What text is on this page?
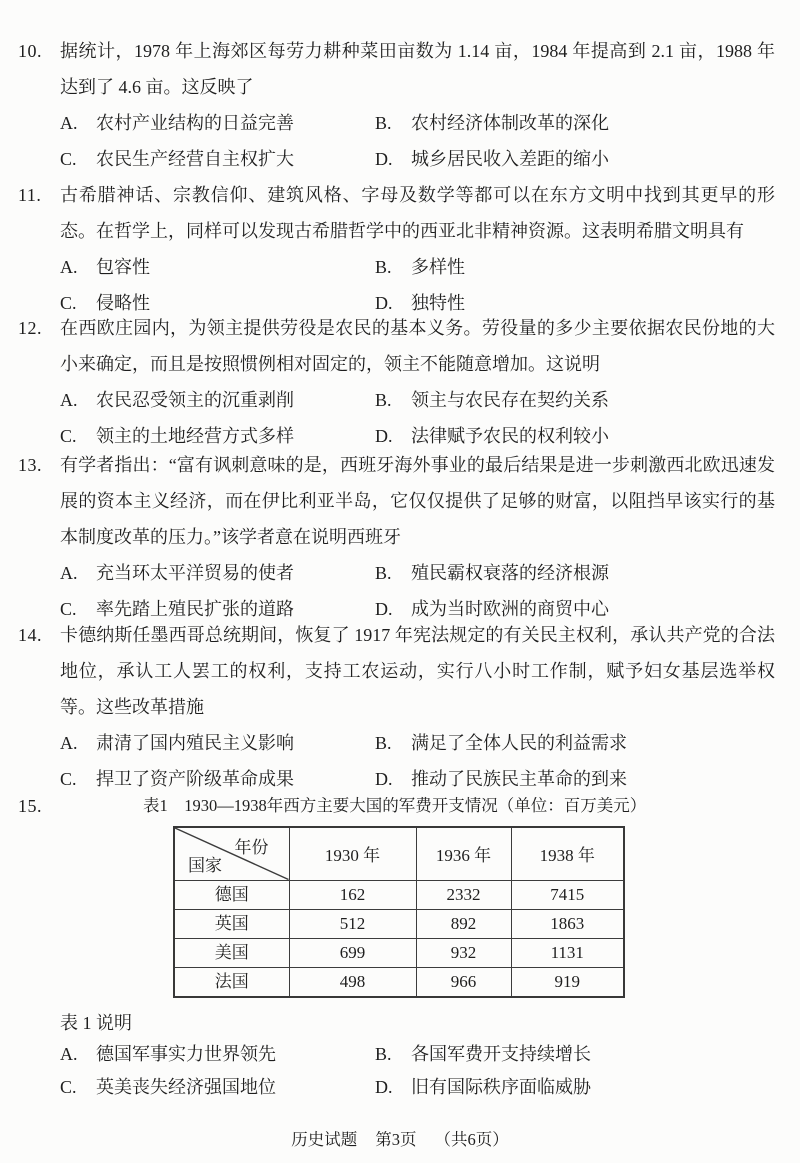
10.	据统计，1978 年上海郊区每劳力耕种菜田亩数为 1.14 亩，1984 年提高到 2.1 亩，1988 年达到了 4.6 亩。这反映了
A. 农村产业结构的日益完善	B. 农村经济体制改革的深化
C. 农民生产经营自主权扩大	D. 城乡居民收入差距的缩小
11.	古希腊神话、宗教信仰、建筑风格、字母及数学等都可以在东方文明中找到其更早的形态。在哲学上，同样可以发现古希腊哲学中的西亚北非精神资源。这表明希腊文明具有
A. 包容性	B. 多样性
C. 侵略性	D. 独特性
12.	在西欧庄园内，为领主提供劳役是农民的基本义务。劳役量的多少主要依据农民份地的大小来确定，而且是按照惯例相对固定的，领主不能随意增加。这说明
A. 农民忍受领主的沉重剥削	B. 领主与农民存在契约关系
C. 领主的土地经营方式多样	D. 法律赋予农民的权利较小
13.	有学者指出：“富有讽刺意味的是，西班牙海外事业的最后结果是进一步刺激西北欧迅速发展的资本主义经济，而在伊比利亚半岛，它仅仅提供了足够的财富，以阻挡早该实行的基本制度改革的压力。”该学者意在说明西班牙
A. 充当环太平洋贸易的使者	B. 殖民霸权衰落的经济根源
C. 率先踏上殖民扩张的道路	D. 成为当时欧洲的商贸中心
14.	卡德纳斯任墨西哥总统期间，恢复了 1917 年宪法规定的有关民主权利，承认共产党的合法地位，承认工人罢工的权利，支持工农运动，实行八小时工作制，赋予妇女基层选举权等。这些改革措施
A. 肃清了国内殖民主义影响	B. 满足了全体人民的利益需求
C. 捍卫了资产阶级革命成果	D. 推动了民族民主革命的到来
15.	表1　1930—1938年西方主要大国的军费开支情况（单位：百万美元）
年份
国家	1930 年	1936 年	1938 年
德国	162	2332	7415
英国	512	892	1863
美国	699	932	1131
法国	498	966	919
表 1 说明
A. 德国军事实力世界领先	B. 各国军费开支持续增长
C. 英美丧失经济强国地位	D. 旧有国际秩序面临威胁
历史试题 第3页 （共6页）
